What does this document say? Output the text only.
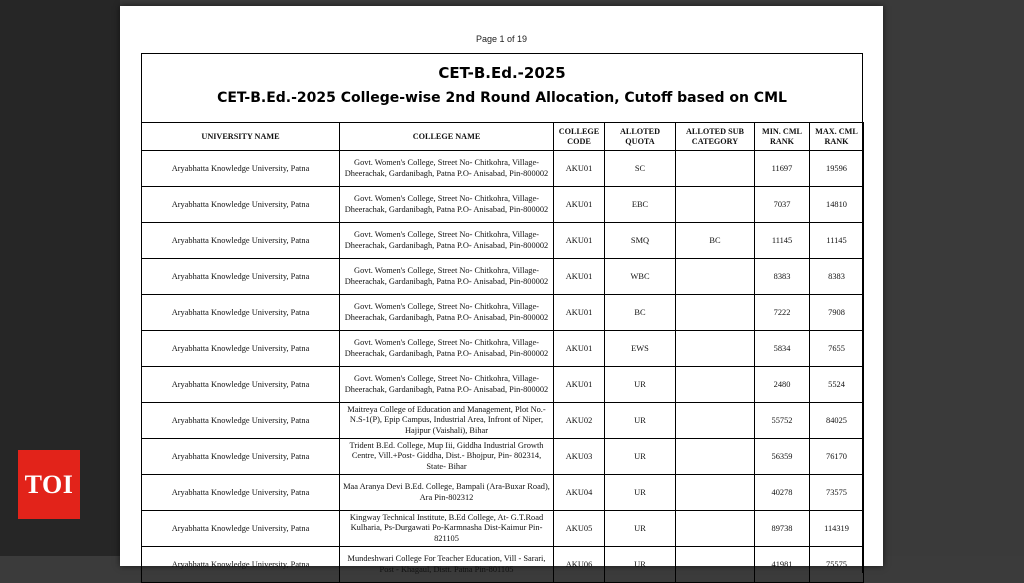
Page 1 of 19
CET-B.Ed.-2025
CET-B.Ed.-2025 College-wise 2nd Round Allocation, Cutoff based on CML
UNIVERSITY NAME	COLLEGE NAME	COLLEGE CODE	ALLOTED QUOTA	ALLOTED SUB CATEGORY	MIN. CML RANK	MAX. CML RANK
Aryabhatta Knowledge University, Patna	Govt. Women's College, Street No- Chitkohra, Village- Dheerachak, Gardanibagh, Patna P.O- Anisabad, Pin-800002	AKU01	SC		11697	19596
Aryabhatta Knowledge University, Patna	Govt. Women's College, Street No- Chitkohra, Village- Dheerachak, Gardanibagh, Patna P.O- Anisabad, Pin-800002	AKU01	EBC		7037	14810
Aryabhatta Knowledge University, Patna	Govt. Women's College, Street No- Chitkohra, Village- Dheerachak, Gardanibagh, Patna P.O- Anisabad, Pin-800002	AKU01	SMQ	BC	11145	11145
Aryabhatta Knowledge University, Patna	Govt. Women's College, Street No- Chitkohra, Village- Dheerachak, Gardanibagh, Patna P.O- Anisabad, Pin-800002	AKU01	WBC		8383	8383
Aryabhatta Knowledge University, Patna	Govt. Women's College, Street No- Chitkohra, Village- Dheerachak, Gardanibagh, Patna P.O- Anisabad, Pin-800002	AKU01	BC		7222	7908
Aryabhatta Knowledge University, Patna	Govt. Women's College, Street No- Chitkohra, Village- Dheerachak, Gardanibagh, Patna P.O- Anisabad, Pin-800002	AKU01	EWS		5834	7655
Aryabhatta Knowledge University, Patna	Govt. Women's College, Street No- Chitkohra, Village- Dheerachak, Gardanibagh, Patna P.O- Anisabad, Pin-800002	AKU01	UR		2480	5524
Aryabhatta Knowledge University, Patna	Maitreya College of Education and Management, Plot No.-N.S-1(P), Epip Campus, Industrial Area, Infront of Niper, Hajipur (Vaishali), Bihar	AKU02	UR		55752	84025
Aryabhatta Knowledge University, Patna	Trident B.Ed. College, Mup Iii, Giddha Industrial Growth Centre, Vill.+Post- Giddha, Dist.- Bhojpur, Pin- 802314, State- Bihar	AKU03	UR		56359	76170
Aryabhatta Knowledge University, Patna	Maa Aranya Devi B.Ed. College, Bampali (Ara-Buxar Road), Ara Pin-802312	AKU04	UR		40278	73575
Aryabhatta Knowledge University, Patna	Kingway Technical Institute, B.Ed College, At- G.T.Road Kulharia, Ps-Durgawati Po-Karmnasha Dist-Kaimur Pin-821105	AKU05	UR		89738	114319
Aryabhatta Knowledge University, Patna	Mundeshwari College For Teacher Education, Vill - Sarari, Post - Khagaul, Distt. Patna Pin-801105	AKU06	UR		41981	75575
TOI
